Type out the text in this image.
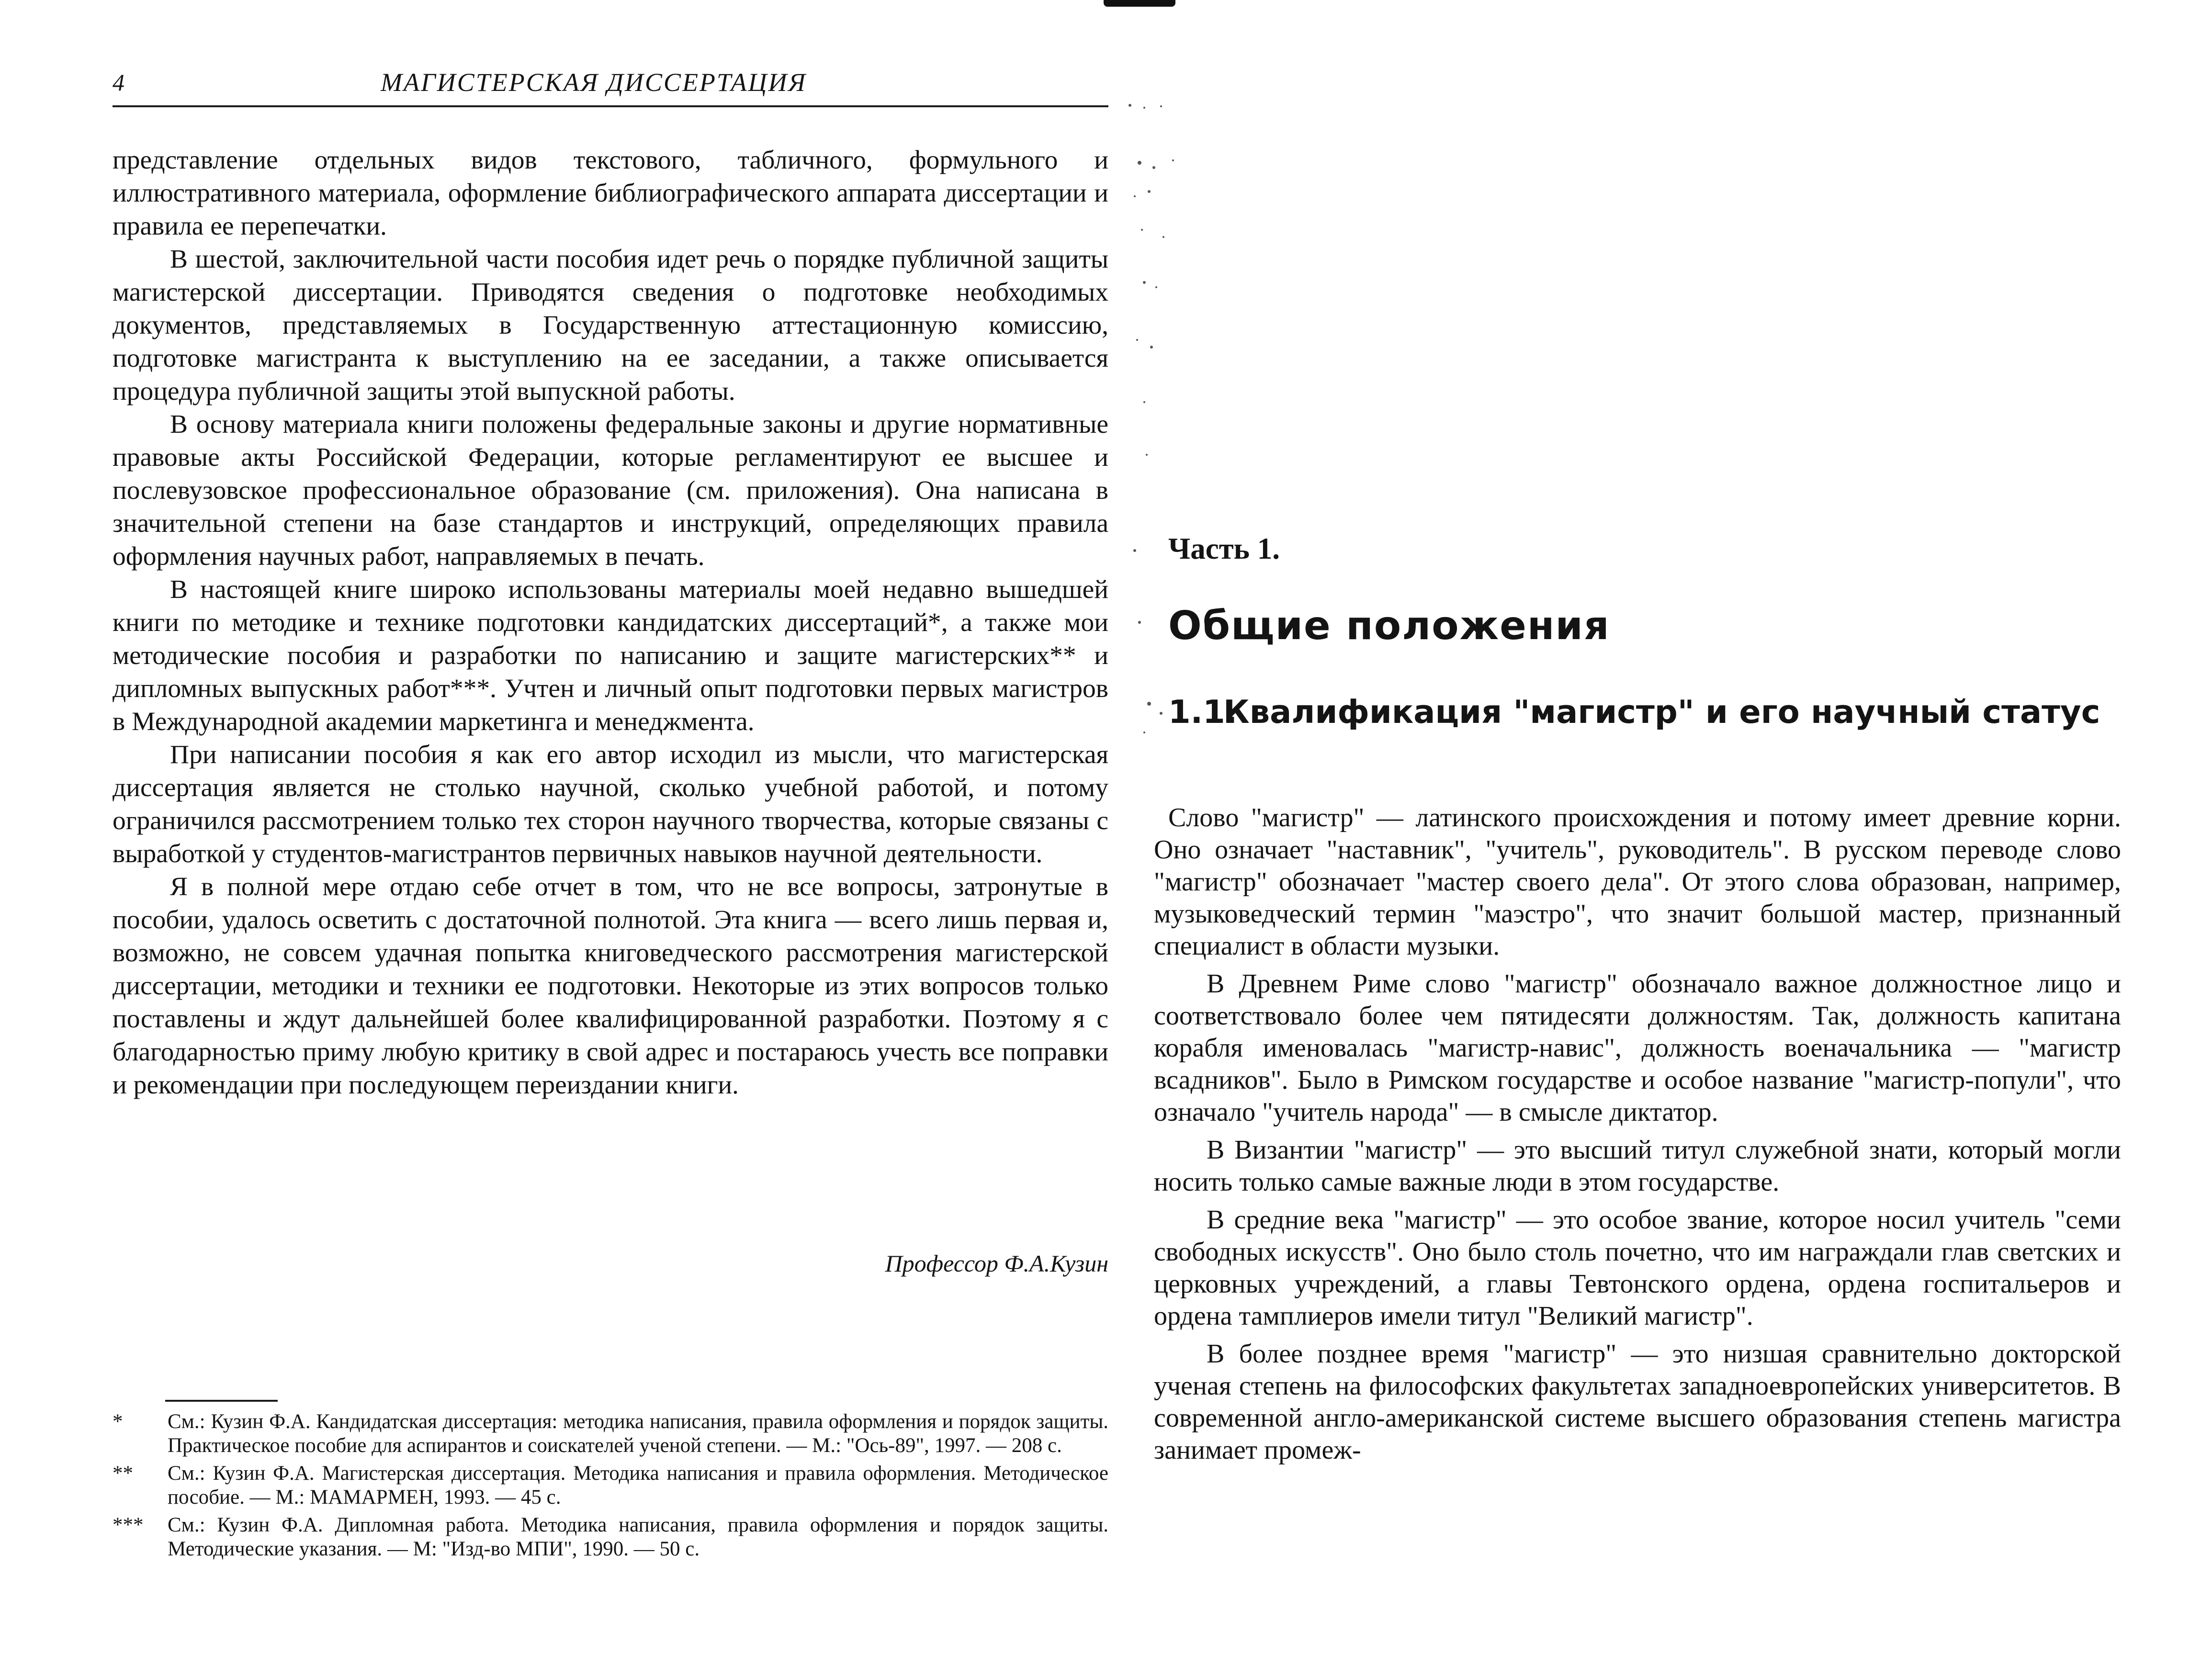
4	МАГИСТЕРСКАЯ ДИССЕРТАЦИЯ

представление отдельных видов текстового, табличного, формульного и иллюстративного материала, оформление библиографического аппарата диссертации и правила ее перепечатки.

В шестой, заключительной части пособия идет речь о порядке публичной защиты магистерской диссертации. Приводятся сведения о подготовке необходимых документов, представляемых в Государственную аттестационную комиссию, подготовке магистранта к выступлению на ее заседании, а также описывается процедура публичной защиты этой выпускной работы.

В основу материала книги положены федеральные законы и другие нормативные правовые акты Российской Федерации, которые регламентируют ее высшее и послевузовское профессиональное образование (см. приложения). Она написана в значительной степени на базе стандартов и инструкций, определяющих правила оформления научных работ, направляемых в печать.

В настоящей книге широко использованы материалы моей недавно вышедшей книги по методике и технике подготовки кандидатских диссертаций*, а также мои методические пособия и разработки по написанию и защите магистерских** и дипломных выпускных работ***. Учтен и личный опыт подготовки первых магистров в Международной академии маркетинга и менеджмента.

При написании пособия я как его автор исходил из мысли, что магистерская диссертация является не столько научной, сколько учебной работой, и потому ограничился рассмотрением только тех сторон научного творчества, которые связаны с выработкой у студентов-магистрантов первичных навыков научной деятельности.

Я в полной мере отдаю себе отчет в том, что не все вопросы, затронутые в пособии, удалось осветить с достаточной полнотой. Эта книга — всего лишь первая и, возможно, не совсем удачная попытка книговедческого рассмотрения магистерской диссертации, методики и техники ее подготовки. Некоторые из этих вопросов только поставлены и ждут дальнейшей более квалифицированной разработки. Поэтому я с благодарностью приму любую критику в свой адрес и постараюсь учесть все поправки и рекомендации при последующем переиздании книги.

Профессор Ф.А.Кузин
*	См.: Кузин Ф.А. Кандидатская диссертация: методика написания, правила оформления и порядок защиты. Практическое пособие для аспирантов и соискателей ученой степени. — М.: "Ось-89", 1997. — 208 с.
**	См.: Кузин Ф.А. Магистерская диссертация. Методика написания и правила оформления. Методическое пособие. — М.: МАМАРМЕН, 1993. — 45 с.
***	См.: Кузин Ф.А. Дипломная работа. Методика написания, правила оформления и порядок защиты. Методические указания. — М: "Изд-во МПИ", 1990. — 50 с.
Часть 1.
Общие положения
1.1.
Квалификация "магистр" и его научный статус

Слово "магистр" — латинского происхождения и потому имеет древние корни. Оно означает "наставник", "учитель", руководитель". В русском переводе слово "магистр" обозначает "мастер своего дела". От этого слова образован, например, музыковедческий термин "маэстро", что значит большой мастер, признанный специалист в области музыки.

В Древнем Риме слово "магистр" обозначало важное должностное лицо и соответствовало более чем пятидесяти должностям. Так, должность капитана корабля именовалась "магистр-навис", должность военачальника — "магистр всадников". Было в Римском государстве и особое название "магистр-попули", что означало "учитель народа" — в смысле диктатор.

В Византии "магистр" — это высший титул служебной знати, который могли носить только самые важные люди в этом государстве.

В средние века "магистр" — это особое звание, которое носил учитель "семи свободных искусств". Оно было столь почетно, что им награждали глав светских и церковных учреждений, а главы Тевтонского ордена, ордена госпитальеров и ордена тамплиеров имели титул "Великий магистр".

В более позднее время "магистр" — это низшая сравнительно докторской ученая степень на философских факультетах западноевропейских университетов. В современной англо-американской системе высшего образования степень магистра занимает промеж-
